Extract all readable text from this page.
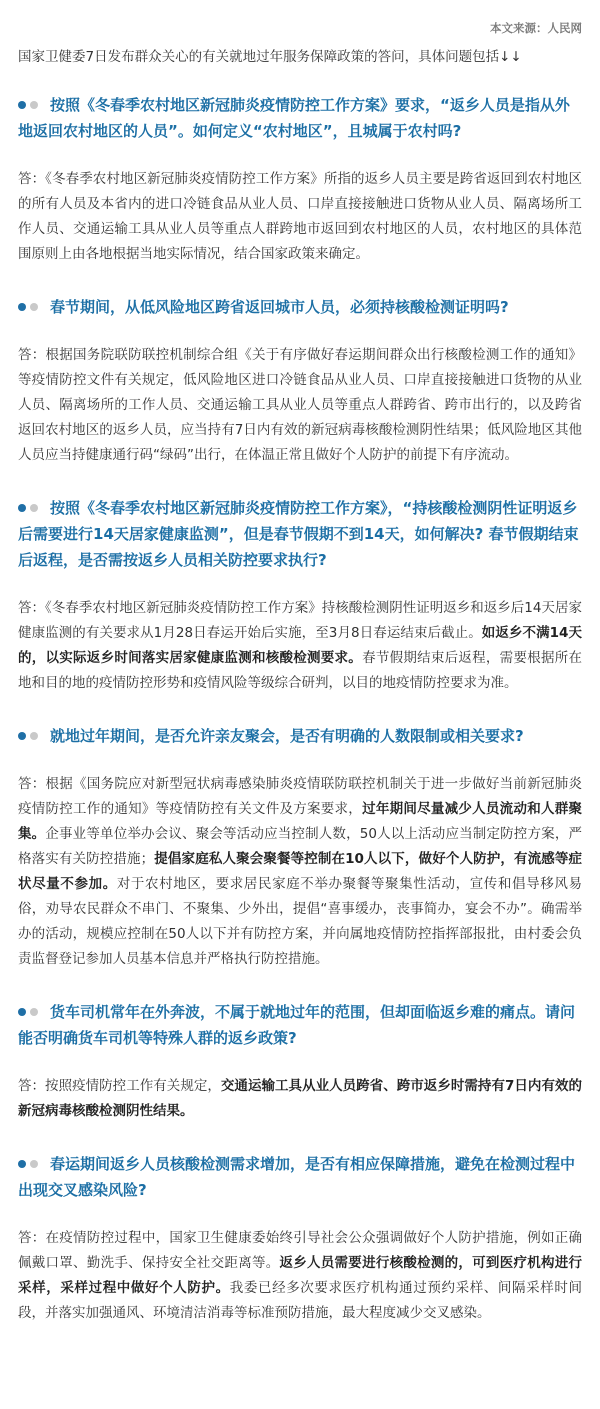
本文来源：人民网
国家卫健委7日发布群众关心的有关就地过年服务保障政策的答问，具体问题包括↓↓
按照《冬春季农村地区新冠肺炎疫情防控工作方案》要求，“返乡人员是指从外地返回农村地区的人员”。如何定义“农村地区”，且城属于农村吗?
答：《冬春季农村地区新冠肺炎疫情防控工作方案》所指的返乡人员主要是跨省返回到农村地区的所有人员及本省内的进口冷链食品从业人员、口岸直接接触进口货物从业人员、隔离场所工作人员、交通运输工具从业人员等重点人群跨地市返回到农村地区的人员，农村地区的具体范围原则上由各地根据当地实际情况，结合国家政策来确定。
春节期间，从低风险地区跨省返回城市人员，必须持核酸检测证明吗?
答：根据国务院联防联控机制综合组《关于有序做好春运期间群众出行核酸检测工作的通知》等疫情防控文件有关规定，低风险地区进口冷链食品从业人员、口岸直接接触进口货物的从业人员、隔离场所的工作人员、交通运输工具从业人员等重点人群跨省、跨市出行的，以及跨省返回农村地区的返乡人员，应当持有7日内有效的新冠病毒核酸检测阴性结果；低风险地区其他人员应当持健康通行码“绿码”出行，在体温正常且做好个人防护的前提下有序流动。
按照《冬春季农村地区新冠肺炎疫情防控工作方案》，“持核酸检测阴性证明返乡后需要进行14天居家健康监测”，但是春节假期不到14天，如何解决? 春节假期结束后返程，是否需按返乡人员相关防控要求执行?
答：《冬春季农村地区新冠肺炎疫情防控工作方案》持核酸检测阴性证明返乡和返乡后14天居家健康监测的有关要求从1月28日春运开始后实施，至3月8日春运结束后截止。如返乡不满14天的，以实际返乡时间落实居家健康监测和核酸检测要求。春节假期结束后返程，需要根据所在地和目的地的疫情防控形势和疫情风险等级综合研判，以目的地疫情防控要求为准。
就地过年期间，是否允许亲友聚会，是否有明确的人数限制或相关要求?
答：根据《国务院应对新型冠状病毒感染肺炎疫情联防联控机制关于进一步做好当前新冠肺炎疫情防控工作的通知》等疫情防控有关文件及方案要求，过年期间尽量减少人员流动和人群聚集。企事业等单位举办会议、聚会等活动应当控制人数，50人以上活动应当制定防控方案，严格落实有关防控措施；提倡家庭私人聚会聚餐等控制在10人以下，做好个人防护，有流感等症状尽量不参加。对于农村地区，要求居民家庭不举办聚餐等聚集性活动，宣传和倡导移风易俗，劝导农民群众不串门、不聚集、少外出，提倡“喜事缓办，丧事简办，宴会不办”。确需举办的活动，规模应控制在50人以下并有防控方案，并向属地疫情防控指挥部报批，由村委会负责监督登记参加人员基本信息并严格执行防控措施。
货车司机常年在外奔波，不属于就地过年的范围，但却面临返乡难的痛点。请问能否明确货车司机等特殊人群的返乡政策?
答：按照疫情防控工作有关规定，交通运输工具从业人员跨省、跨市返乡时需持有7日内有效的新冠病毒核酸检测阴性结果。
春运期间返乡人员核酸检测需求增加，是否有相应保障措施，避免在检测过程中出现交叉感染风险?
答：在疫情防控过程中，国家卫生健康委始终引导社会公众强调做好个人防护措施，例如正确佩戴口罩、勤洗手、保持安全社交距离等。返乡人员需要进行核酸检测的，可到医疗机构进行采样，采样过程中做好个人防护。我委已经多次要求医疗机构通过预约采样、间隔采样时间段，并落实加强通风、环境清洁消毒等标准预防措施，最大程度减少交叉感染。
